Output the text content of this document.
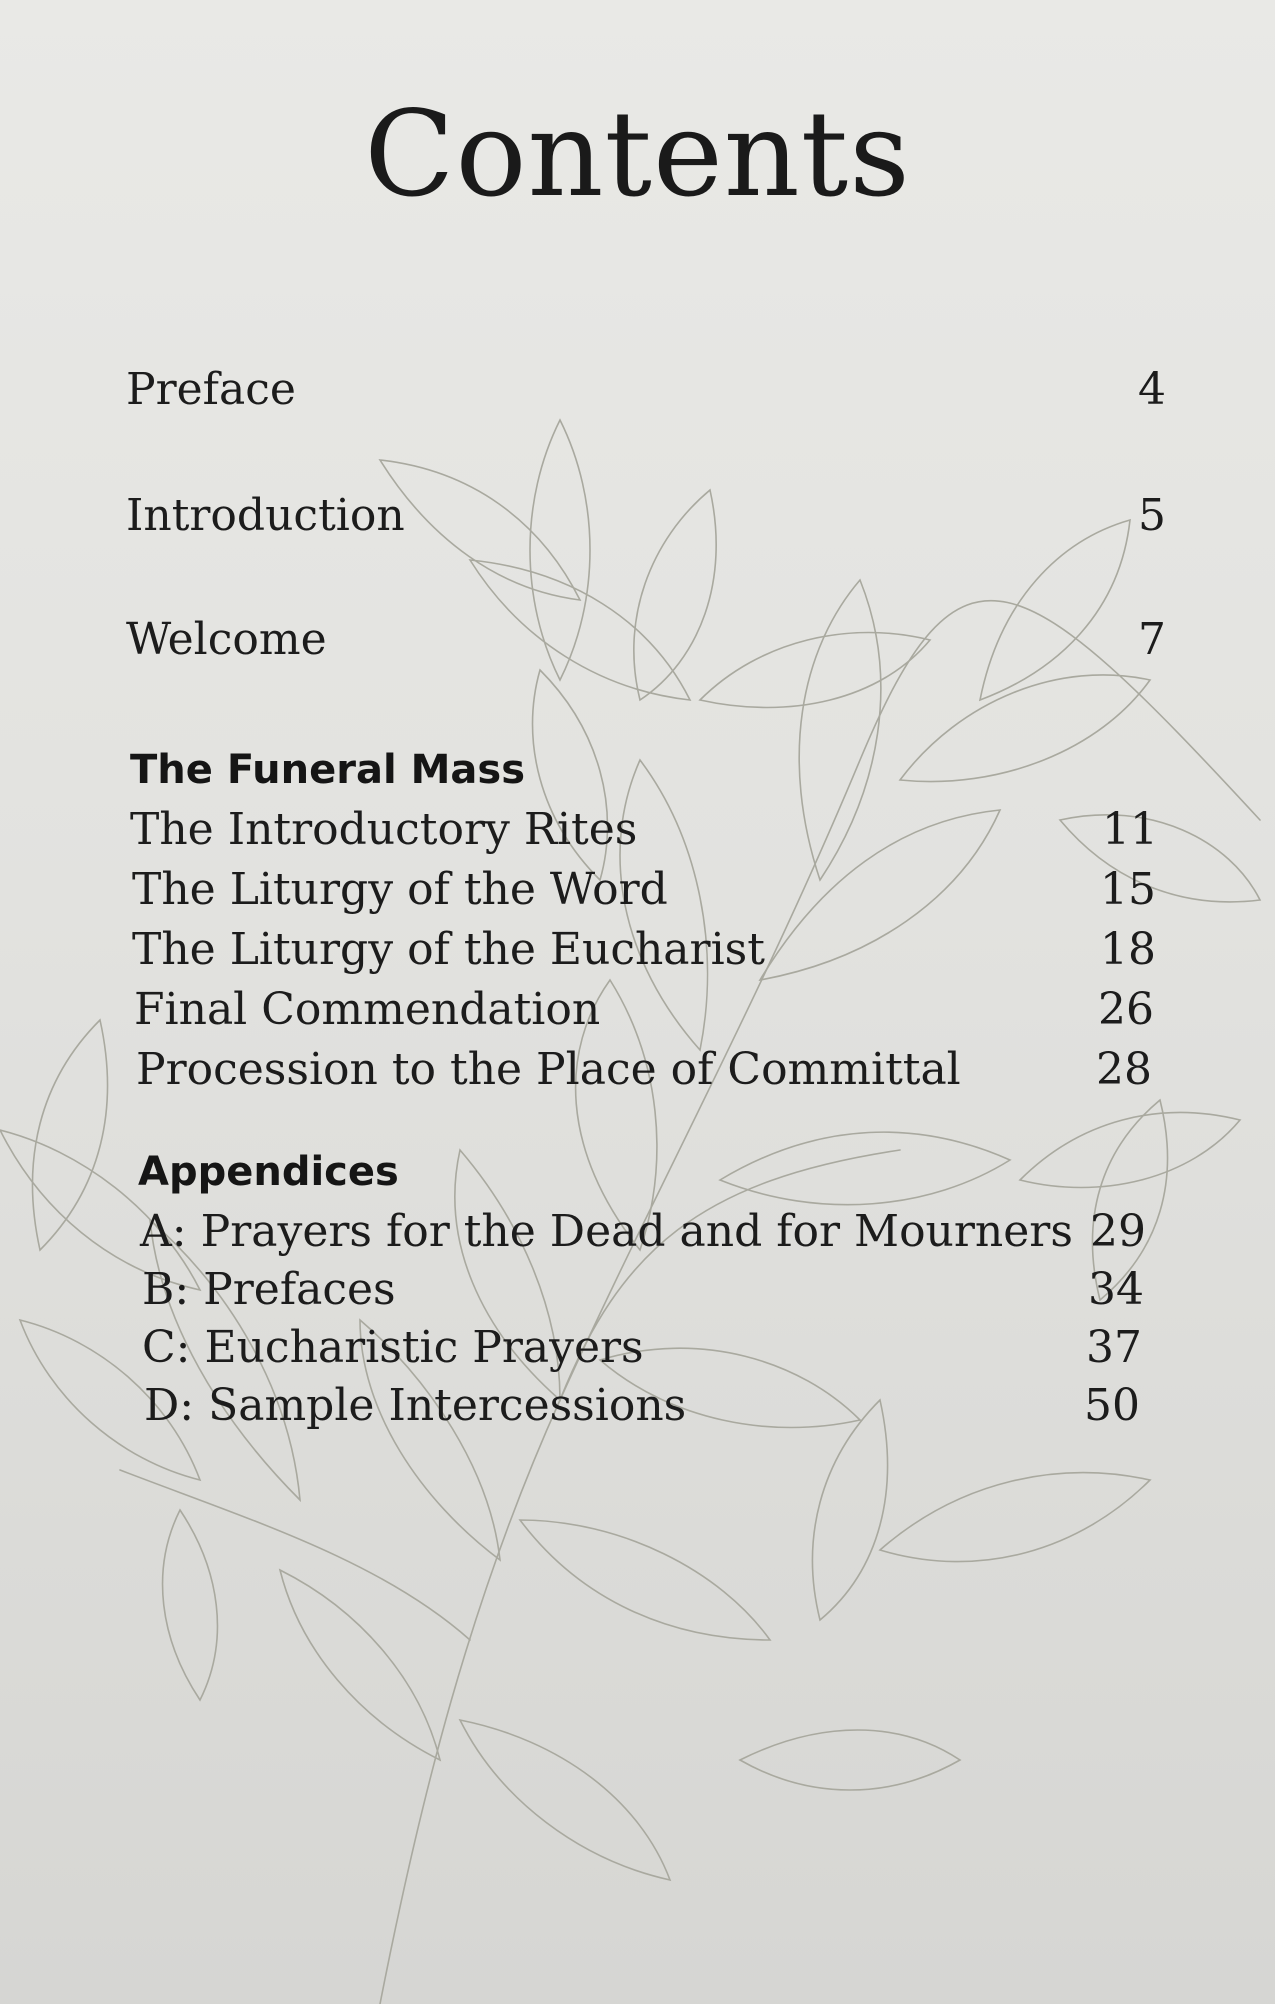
Contents
Preface	4
Introduction	5
Welcome	7
The Funeral Mass
The Introductory Rites	11
The Liturgy of the Word	15
The Liturgy of the Eucharist	18
Final Commendation	26
Procession to the Place of Committal	28
Appendices
A: Prayers for the Dead and for Mourners 29
B: Prefaces	34
C: Eucharistic Prayers	37
D: Sample Intercessions	50
